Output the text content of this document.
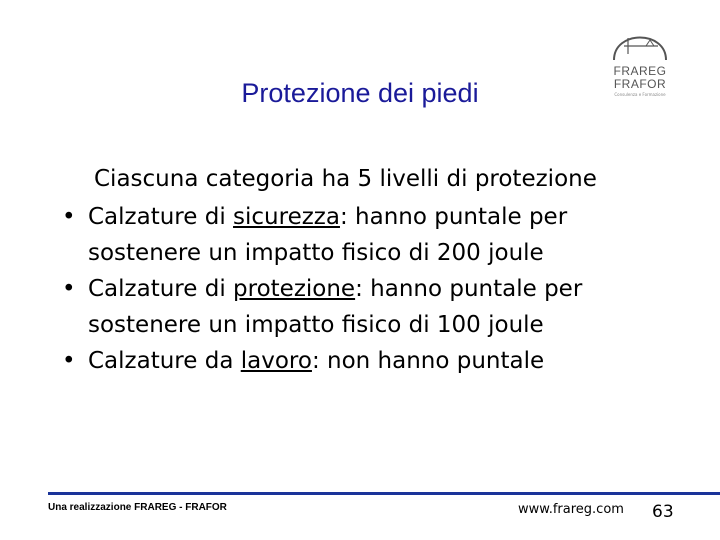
Protezione dei piedi
FRAREG
FRAFOR
Consulenza e Formazione
Ciascuna categoria ha 5 livelli di protezione
• Calzature di sicurezza: hanno puntale per
sostenere un impatto fisico di 200 joule
• Calzature di protezione: hanno puntale per
sostenere un impatto fisico di 100 joule
• Calzature da lavoro: non hanno puntale
Una realizzazione FRAREG - FRAFOR	www.frareg.com 63
